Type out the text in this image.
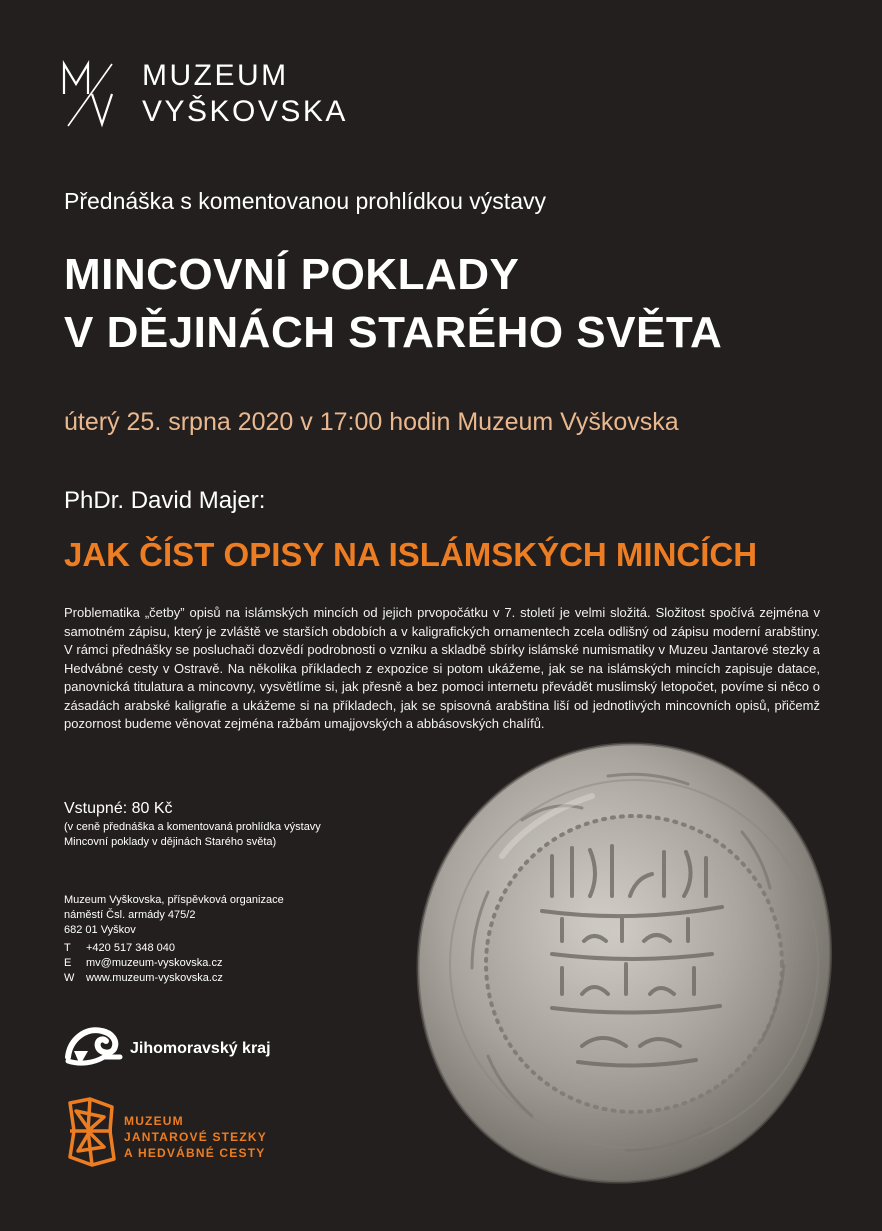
MUZEUM
VYŠKOVSKA
Přednáška s komentovanou prohlídkou výstavy
MINCOVNÍ POKLADY
V DĚJINÁCH STARÉHO SVĚTA
úterý 25. srpna 2020 v 17:00 hodin Muzeum Vyškovska
PhDr. David Majer:
JAK ČÍST OPISY NA ISLÁMSKÝCH MINCÍCH
Problematika „četby” opisů na islámských mincích od jejich prvopočátku v 7. století je velmi složitá. Složitost spočívá zejména v samotném zápisu, který je zvláště ve starších obdobích a v kaligrafických ornamentech zcela odlišný od zápisu moderní arabštiny. V rámci přednášky se posluchači dozvědí podrobnosti o vzniku a skladbě sbírky islámské numismatiky v Muzeu Jantarové stezky a Hedvábné cesty v Ostravě. Na několika příkladech z expozice si potom ukážeme, jak se na islámských mincích zapisuje datace, panovnická titulatura a mincovny, vysvětlíme si, jak přesně a bez pomoci internetu převádět muslimský letopočet, povíme si něco o zásadách arabské kaligrafie a ukážeme si na příkladech, jak se spisovná arabština liší od jednotlivých mincovních opisů, přičemž pozornost budeme věnovat zejména ražbám umajjovských a abbásovských chalífů.
Vstupné: 80 Kč
(v ceně přednáška a komentovaná prohlídka výstavy
Mincovní poklady v dějinách Starého světa)
Muzeum Vyškovska, příspěvková organizace
náměstí Čsl. armády 475/2
682 01 Vyškov
T	+420 517 348 040
E	mv@muzeum-vyskovska.cz
W	www.muzeum-vyskovska.cz
Jihomoravský kraj
MUZEUM
JANTAROVÉ STEZKY
A HEDVÁBNÉ CESTY
